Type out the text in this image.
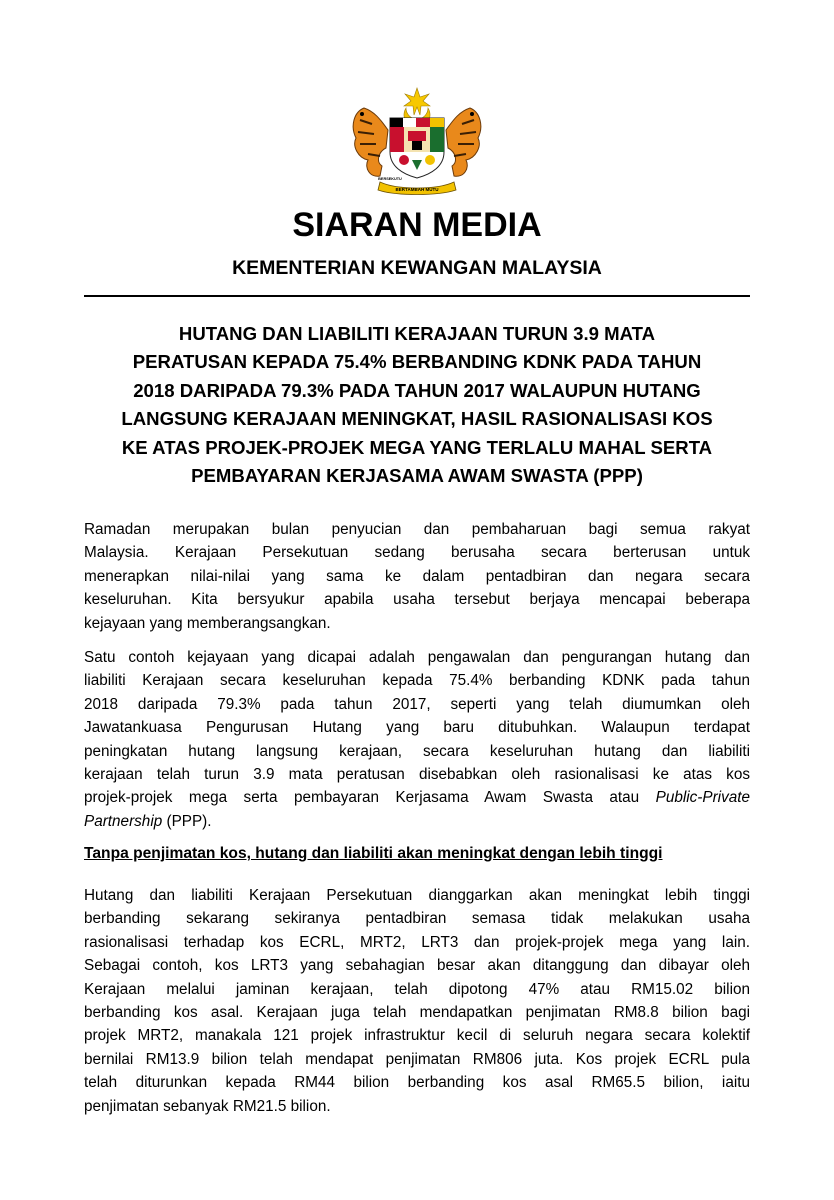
BERTAMBAH MUTU
BERSEKUTU
SIARAN MEDIA
KEMENTERIAN KEWANGAN MALAYSIA
HUTANG DAN LIABILITI KERAJAAN TURUN 3.9 MATA
PERATUSAN KEPADA 75.4% BERBANDING KDNK PADA TAHUN
2018 DARIPADA 79.3% PADA TAHUN 2017 WALAUPUN HUTANG
LANGSUNG KERAJAAN MENINGKAT, HASIL RASIONALISASI KOS
KE ATAS PROJEK-PROJEK MEGA YANG TERLALU MAHAL SERTA
PEMBAYARAN KERJASAMA AWAM SWASTA (PPP)
Ramadan merupakan bulan penyucian dan pembaharuan bagi semua rakyat
Malaysia. Kerajaan Persekutuan sedang berusaha secara berterusan untuk
menerapkan nilai-nilai yang sama ke dalam pentadbiran dan negara secara
keseluruhan. Kita bersyukur apabila usaha tersebut berjaya mencapai beberapa
kejayaan yang memberangsangkan.
Satu contoh kejayaan yang dicapai adalah pengawalan dan pengurangan hutang dan
liabiliti Kerajaan secara keseluruhan kepada 75.4% berbanding KDNK pada tahun
2018 daripada 79.3% pada tahun 2017, seperti yang telah diumumkan oleh
Jawatankuasa Pengurusan Hutang yang baru ditubuhkan. Walaupun terdapat
peningkatan hutang langsung kerajaan, secara keseluruhan hutang dan liabiliti
kerajaan telah turun 3.9 mata peratusan disebabkan oleh rasionalisasi ke atas kos
projek-projek mega serta pembayaran Kerjasama Awam Swasta atau Public-Private
Partnership (PPP).
Tanpa penjimatan kos, hutang dan liabiliti akan meningkat dengan lebih tinggi
Hutang dan liabiliti Kerajaan Persekutuan dianggarkan akan meningkat lebih tinggi
berbanding sekarang sekiranya pentadbiran semasa tidak melakukan usaha
rasionalisasi terhadap kos ECRL, MRT2, LRT3 dan projek-projek mega yang lain.
Sebagai contoh, kos LRT3 yang sebahagian besar akan ditanggung dan dibayar oleh
Kerajaan melalui jaminan kerajaan, telah dipotong 47% atau RM15.02 bilion
berbanding kos asal. Kerajaan juga telah mendapatkan penjimatan RM8.8 bilion bagi
projek MRT2, manakala 121 projek infrastruktur kecil di seluruh negara secara kolektif
bernilai RM13.9 bilion telah mendapat penjimatan RM806 juta. Kos projek ECRL pula
telah diturunkan kepada RM44 bilion berbanding kos asal RM65.5 bilion, iaitu
penjimatan sebanyak RM21.5 bilion.
